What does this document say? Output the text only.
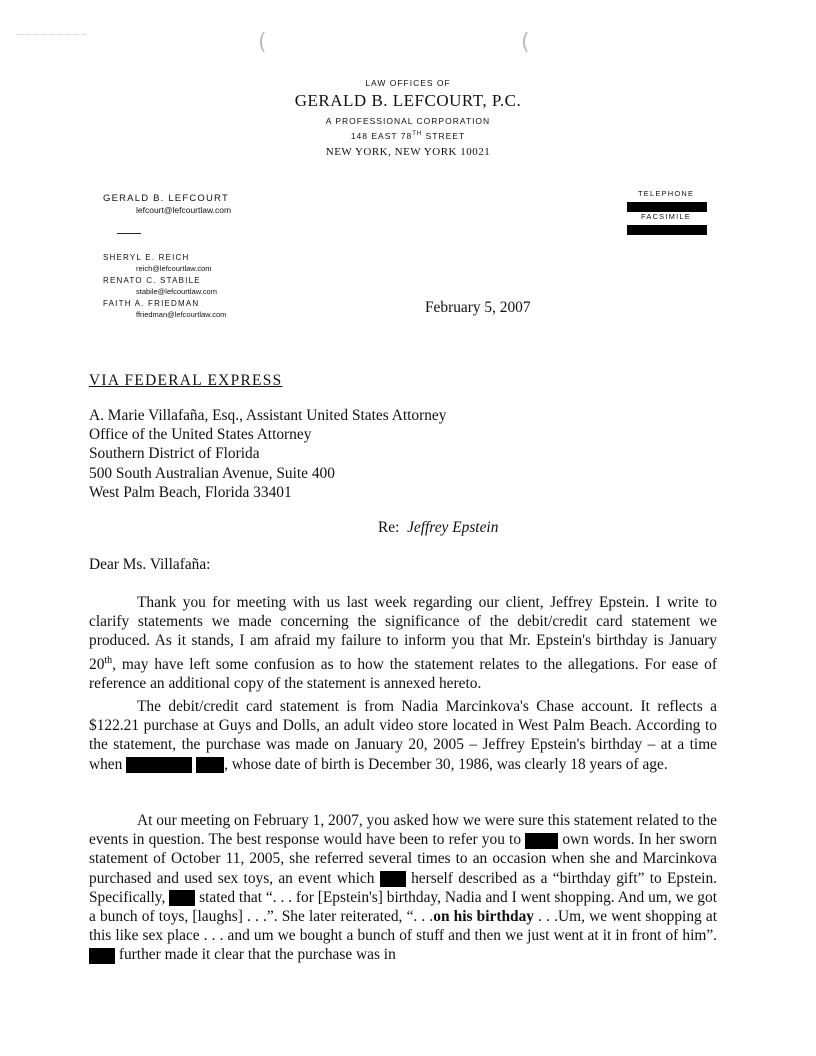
(	(
LAW OFFICES OF
GERALD B. LEFCOURT, P.C.
A PROFESSIONAL CORPORATION
148 EAST 78TH STREET
NEW YORK, NEW YORK 10021
GERALD B. LEFCOURT
lefcourt@lefcourtlaw.com
SHERYL E. REICH
reich@lefcourtlaw.com
RENATO C. STABILE
stabile@lefcourtlaw.com
FAITH A. FRIEDMAN
ffriedman@lefcourtlaw.com
TELEPHONE
FACSIMILE
February 5, 2007
VIA FEDERAL EXPRESS
A. Marie Villafaña, Esq., Assistant United States Attorney
Office of the United States Attorney
Southern District of Florida
500 South Australian Avenue, Suite 400
West Palm Beach, Florida 33401
Re: Jeffrey Epstein
Dear Ms. Villafaña:
Thank you for meeting with us last week regarding our client, Jeffrey Epstein. I write to clarify statements we made concerning the significance of the debit/credit card statement we produced. As it stands, I am afraid my failure to inform you that Mr. Epstein's birthday is January 20th, may have left some confusion as to how the statement relates to the allegations. For ease of reference an additional copy of the statement is annexed hereto.
The debit/credit card statement is from Nadia Marcinkova's Chase account. It reflects a $122.21 purchase at Guys and Dolls, an adult video store located in West Palm Beach. According to the statement, the purchase was made on January 20, 2005 – Jeffrey Epstein's birthday – at a time when	, whose date of birth is December 30, 1986, was clearly 18 years of age.
At our meeting on February 1, 2007, you asked how we were sure this statement related to the events in question. The best response would have been to refer you to	own words. In her sworn statement of October 11, 2005, she referred several times to an occasion when she and Marcinkova purchased and used sex toys, an event which herself described as a “birthday gift” to Epstein. Specifically, stated that “. . . for [Epstein's] birthday, Nadia and I went shopping. And um, we got a bunch of toys, [laughs] . . .”. She later reiterated, “. . .on his birthday . . .Um, we went shopping at this like sex place . . . and um we bought a bunch of stuff and then we just went at it in front of him”.  further made it clear that the purchase was in
